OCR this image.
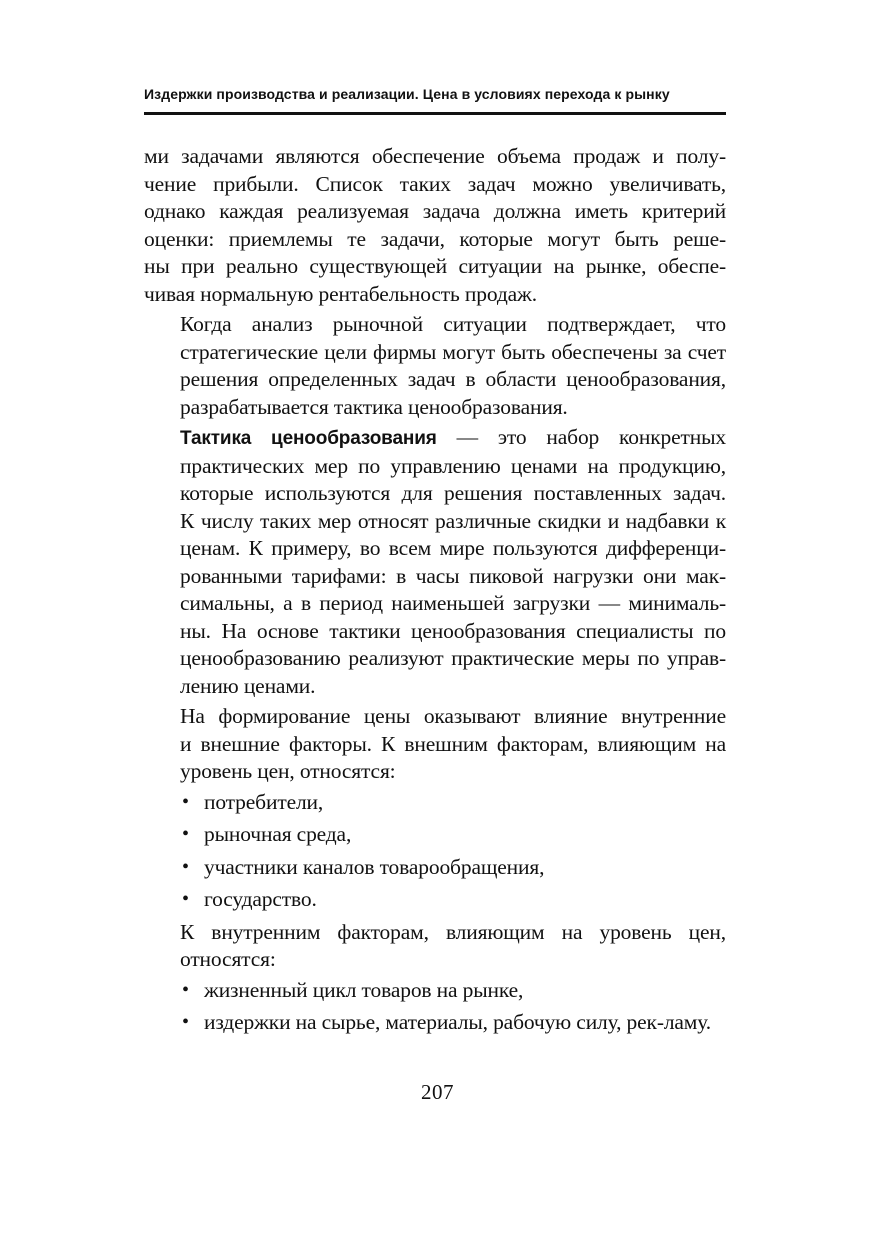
Издержки производства и реализации. Цена в условиях перехода к рынку

ми задачами являются обеспечение объема продаж и полу-
чение прибыли. Список таких задач можно увеличивать,
однако каждая реализуемая задача должна иметь критерий
оценки: приемлемы те задачи, которые могут быть реше-
ны при реально существующей ситуации на рынке, обеспе-
чивая нормальную рентабельность продаж.

Когда анализ рыночной ситуации подтверждает, что
стратегические цели фирмы могут быть обеспечены за счет
решения определенных задач в области ценообразования,
разрабатывается тактика ценообразования.

Тактика ценообразования — это набор конкретных
практических мер по управлению ценами на продукцию,
которые используются для решения поставленных задач.
К числу таких мер относят различные скидки и надбавки к
ценам. К примеру, во всем мире пользуются дифференци-
рованными тарифами: в часы пиковой нагрузки они мак-
симальны, а в период наименьшей загрузки — минималь-
ны. На основе тактики ценообразования специалисты по
ценообразованию реализуют практические меры по управ-
лению ценами.

На формирование цены оказывают влияние внутренние
и внешние факторы. К внешним факторам, влияющим на
уровень цен, относятся:

• потребители,
• рыночная среда,
• участники каналов товарообращения,
• государство.

К внутренним факторам, влияющим на уровень цен,
относятся:

• жизненный цикл товаров на рынке,
• издержки на сырье, материалы, рабочую силу, рек-ламу.
207
